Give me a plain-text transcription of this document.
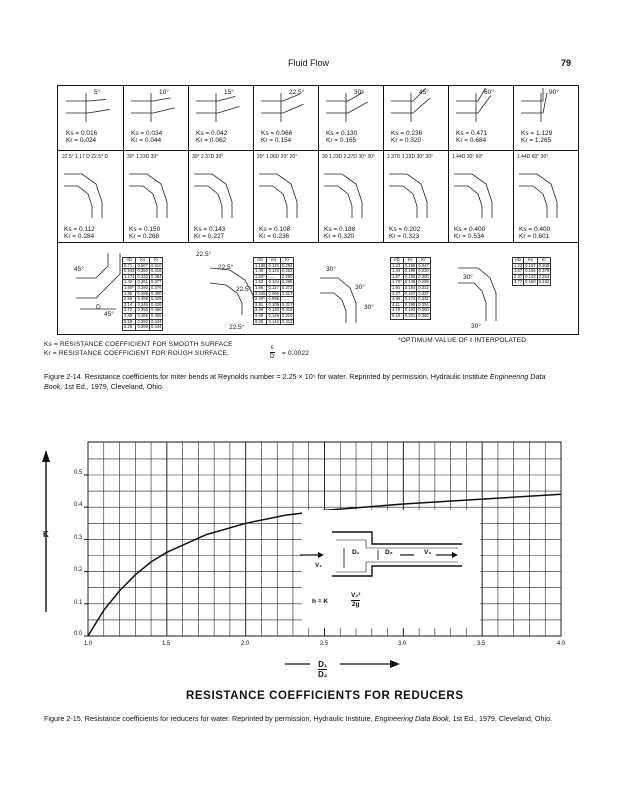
Fluid Flow	79
5°
Ks = 0.016
Kr = 0.024
10°
Ks = 0.034
Kr = 0.044
15°
Ks = 0.042
Kr = 0.062
22.5°
Ks = 0.066
Kr = 0.154
30°
Ks = 0.130
Kr = 0.165
45°
Ks = 0.236
Kr = 0.320
60°
Ks = 0.471
Kr = 0.684
90°
Ks = 1.129
Kr = 1.265
22.5° 1.17 D 22.5° D
Ks = 0.112
Kr = 0.284
30° 1.23D 30°
Ks = 0.150
Kr = 0.268
30° 2.37D 30°
Ks = 0.143
Kr = 0.227
20° 1.06D 20° 20°
Ks = 0.108
Kr = 0.236
30 1.23D 2.37D 30° 30°
Ks = 0.188
Kr = 0.320
2.37D 1.23D 30° 30°
Ks = 0.202
Kr = 0.323
1.44D 30° 60°
Ks = 0.400
Kr = 0.534
1.44D 60° 30°
Ks = 0.400
Kr = 0.601
45°
45°
D
22.5°
22.5°
22.5°
22.5°
30°
30°
30°
30°
30°
ℓ/D	Ks	Kr
0.71	0.507	0.510
0.943	0.350	0.415
1.174	0.333	0.384
1.42	0.261	0.377
1.50*	0.280	0.376
1.86	0.289	0.390
2.56	0.356	0.429
3.14	0.346	0.426
3.72	0.356	0.460
4.89	0.389	0.455
5.59	0.392	0.444
6.28	0.399	0.444
ℓ/D	Ks	Kr
1.186	0.120	0.294
1.40	0.125	0.252
1.50*	......	0.250
1.63	0.124	0.266
1.86	0.117	0.272
2.325	0.096	0.317
2.40*	0.095	......
2.91	0.108	0.317
3.49	0.130	0.318
4.65	0.148	0.310
6.05	0.142	0.313
ℓ/D	Ks	Kr
1.23	0.195	0.347
1.44	0.196	0.320
1.67	0.150	0.300
1.70*	0.149	0.299
1.91	0.154	0.312
2.37	0.167	0.337
2.96	0.172	0.342
4.11	0.190	0.354
4.70	0.192	0.360
6.10	0.201	0.360
ℓ/D	Ks	Kr
1.23	0.157	0.300
1.67	0.156	0.378
2.37	0.143	0.264
3.77	0.160	0.242
Ks = RESISTANCE COEFFICIENT FOR SMOOTH SURFACE
Kr = RESISTANCE COEFFICIENT FOR ROUGH SURFACE,	$\frac{\varepsilon}{D} = 0.0022$
*OPTIMUM VALUE OF ℓ INTERPOLATED
Figure 2-14. Resistance coefficients for miter bends at Reynolds number = 2.25 × 10⁵ for water. Reprinted by permission, Hydraulic Institute Engineering Data Book, 1st Ed., 1979, Cleveland, Ohio.
K
0.5
0.4
0.3
0.2
0.1
0.0
1.0	1.5	2.0	2.5	3.0	3.5	4.0
$\frac{\text{D₁}}{\text{D₂}}$
D₁	D₂	V₂
V₁
h = K	$\frac{\text{V₂²}}{2g}$
RESISTANCE COEFFICIENTS FOR REDUCERS
Figure 2-15. Resistance coefficients for reducers for water. Reprinted by permission, Hydraulic Institute, Engineering Data Book, 1st Ed., 1979, Cleveland, Ohio.
